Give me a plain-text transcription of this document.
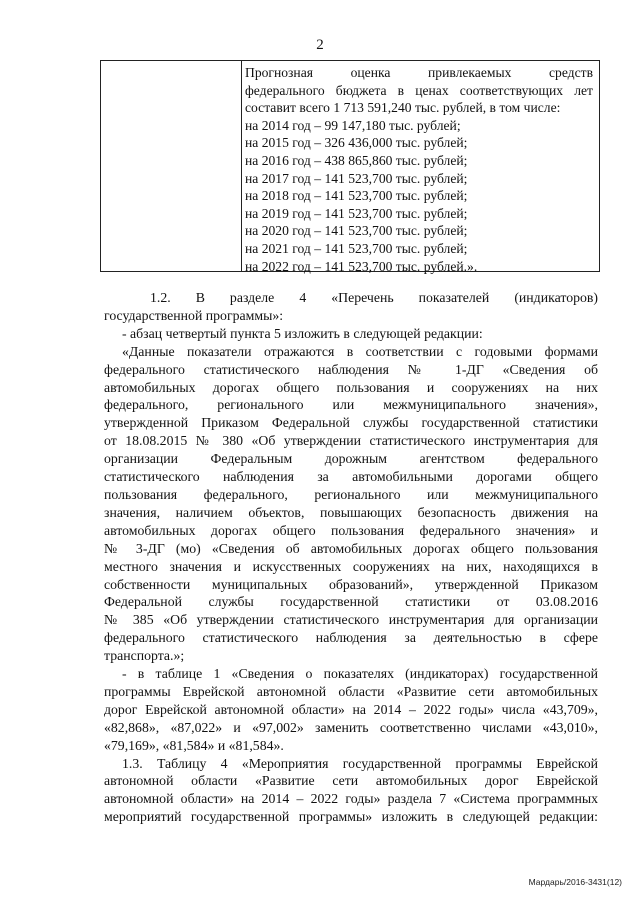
2
Прогнозная оценка привлекаемых средств
федерального бюджета в ценах соответствующих лет
составит всего 1 713 591,240 тыс. рублей, в том числе:
на 2014 год – 99 147,180 тыс. рублей;
на 2015 год – 326 436,000 тыс. рублей;
на 2016 год – 438 865,860 тыс. рублей;
на 2017 год – 141 523,700 тыс. рублей;
на 2018 год – 141 523,700 тыс. рублей;
на 2019 год – 141 523,700 тыс. рублей;
на 2020 год – 141 523,700 тыс. рублей;
на 2021 год – 141 523,700 тыс. рублей;
на 2022 год – 141 523,700 тыс. рублей.».
1.2. В разделе 4 «Перечень показателей (индикаторов)
государственной программы»:
- абзац четвертый пункта 5 изложить в следующей редакции:
«Данные показатели отражаются в соответствии с годовыми формами
федерального статистического наблюдения № 1-ДГ «Сведения об
автомобильных дорогах общего пользования и сооружениях на них
федерального, регионального или межмуниципального значения»,
утвержденной Приказом Федеральной службы государственной статистики
от 18.08.2015 № 380 «Об утверждении статистического инструментария для
организации Федеральным дорожным агентством федерального
статистического наблюдения за автомобильными дорогами общего
пользования федерального, регионального или межмуниципального
значения, наличием объектов, повышающих безопасность движения на
автомобильных дорогах общего пользования федерального значения» и
№ 3-ДГ (мо) «Сведения об автомобильных дорогах общего пользования
местного значения и искусственных сооружениях на них, находящихся в
собственности муниципальных образований», утвержденной Приказом
Федеральной службы государственной статистики от 03.08.2016
№ 385 «Об утверждении статистического инструментария для организации
федерального статистического наблюдения за деятельностью в сфере
транспорта.»;
- в таблице 1 «Сведения о показателях (индикаторах) государственной
программы Еврейской автономной области «Развитие сети автомобильных
дорог Еврейской автономной области» на 2014 – 2022 годы» числа «43,709»,
«82,868», «87,022» и «97,002» заменить соответственно числами «43,010»,
«79,169», «81,584» и «81,584».
1.3. Таблицу 4 «Мероприятия государственной программы Еврейской
автономной области «Развитие сети автомобильных дорог Еврейской
автономной области» на 2014 – 2022 годы» раздела 7 «Система программных
мероприятий государственной программы» изложить в следующей редакции:
Мардарь/2016-3431(12)
